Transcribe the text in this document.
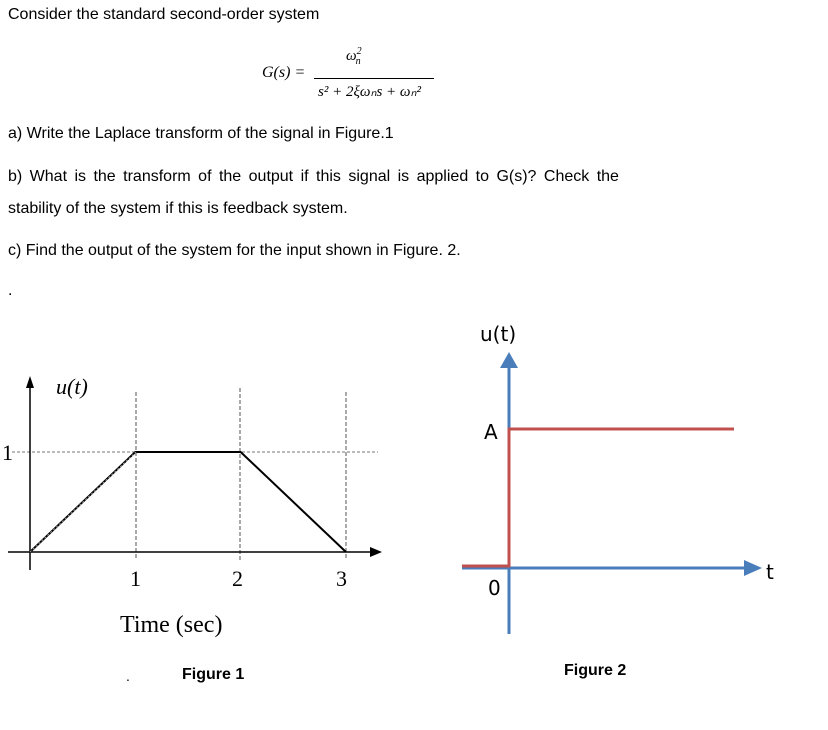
Consider the standard second-order system
G(s) =
$\omega^2_n$
s² + 2ξωₙs + ωₙ²
a) Write the Laplace transform of the signal in Figure.1
b) What is the transform of the output if this signal is applied to G(s)? Check the
stability of the system if this is feedback system.
c) Find the output of the system for the input shown in Figure. 2.
.
u(t)
1
1	2	3
Time (sec)
.	Figure 1
u(t)
A
0
t
Figure 2
